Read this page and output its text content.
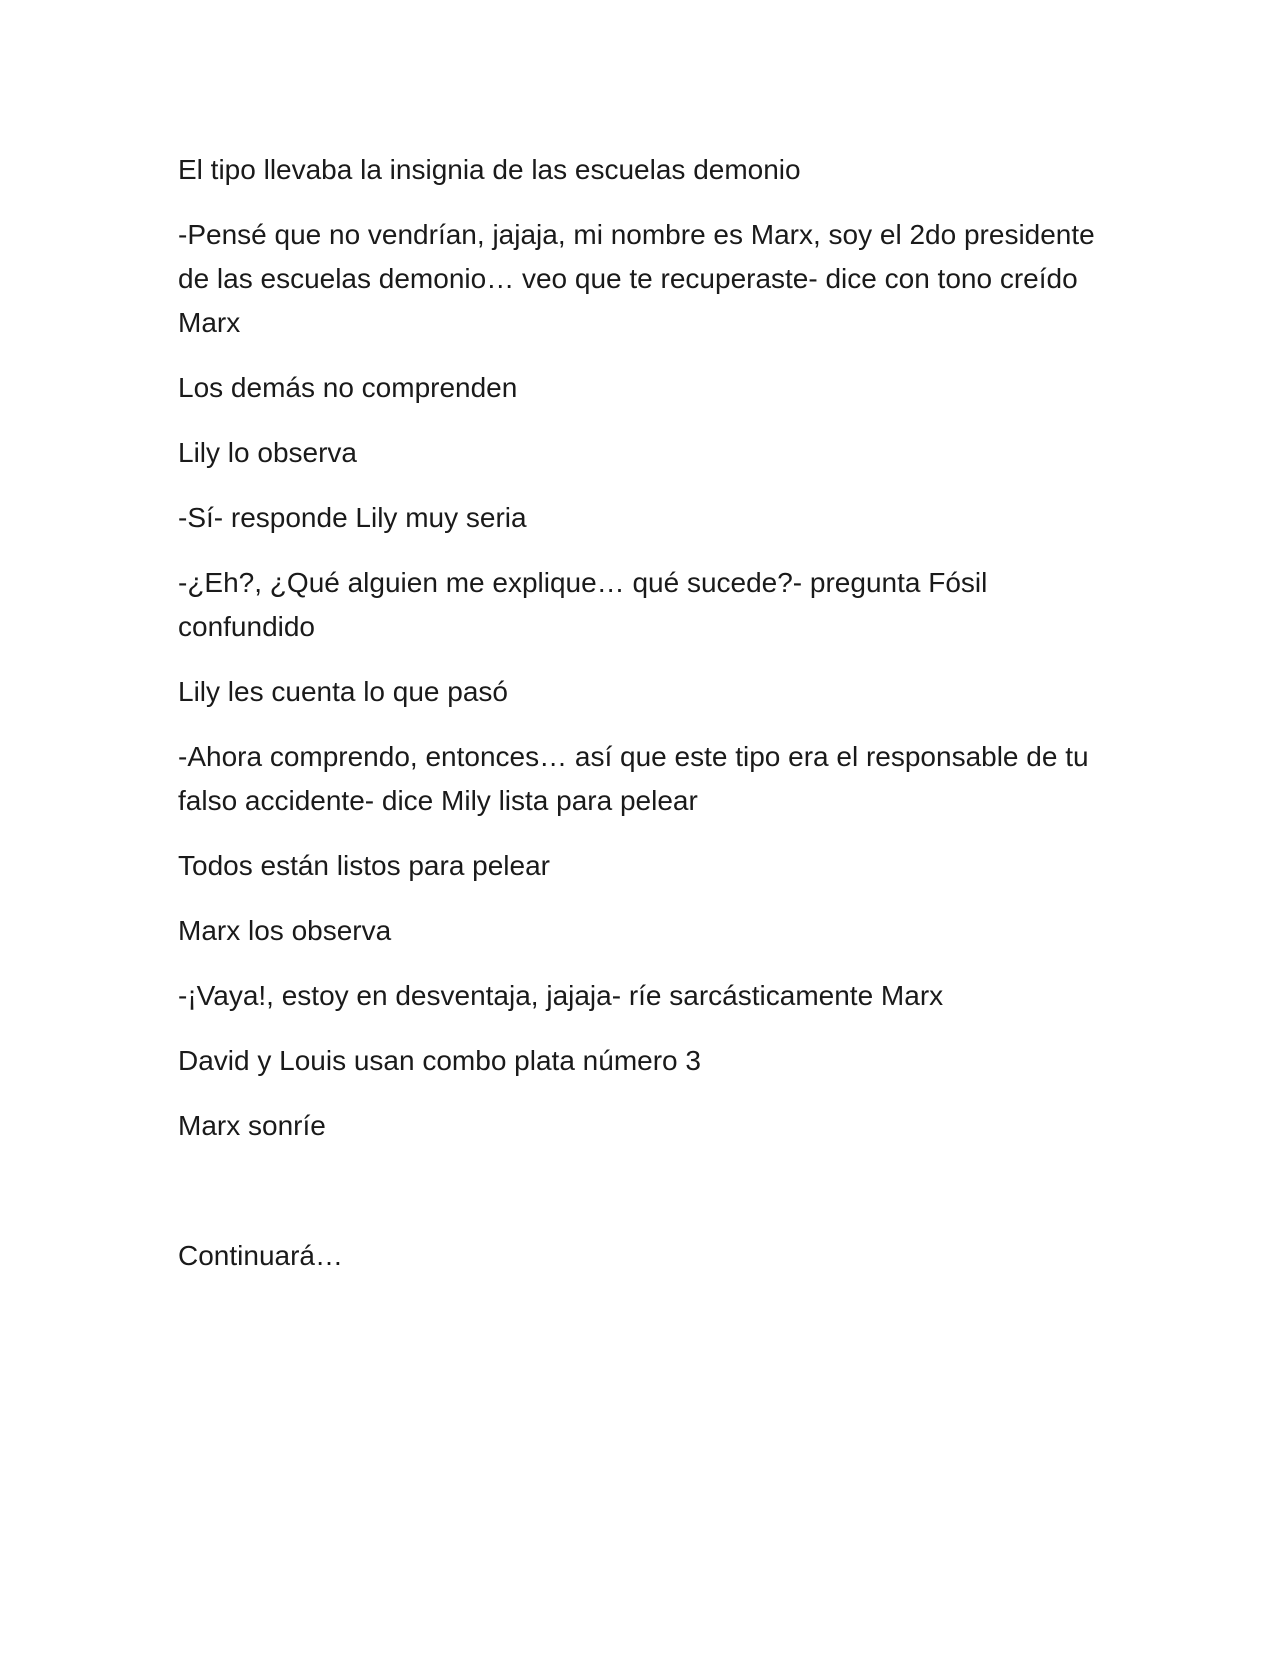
El tipo llevaba la insignia de las escuelas demonio

-Pensé que no vendrían, jajaja, mi nombre es Marx, soy el 2do presidente de las escuelas demonio… veo que te recuperaste- dice con tono creído Marx

Los demás no comprenden

Lily lo observa

-Sí- responde Lily muy seria

-¿Eh?, ¿Qué alguien me explique… qué sucede?- pregunta Fósil confundido

Lily les cuenta lo que pasó

-Ahora comprendo, entonces… así que este tipo era el responsable de tu falso accidente- dice Mily lista para pelear

Todos están listos para pelear

Marx los observa

-¡Vaya!, estoy en desventaja, jajaja- ríe sarcásticamente Marx

David y Louis usan combo plata número 3

Marx sonríe

Continuará…
